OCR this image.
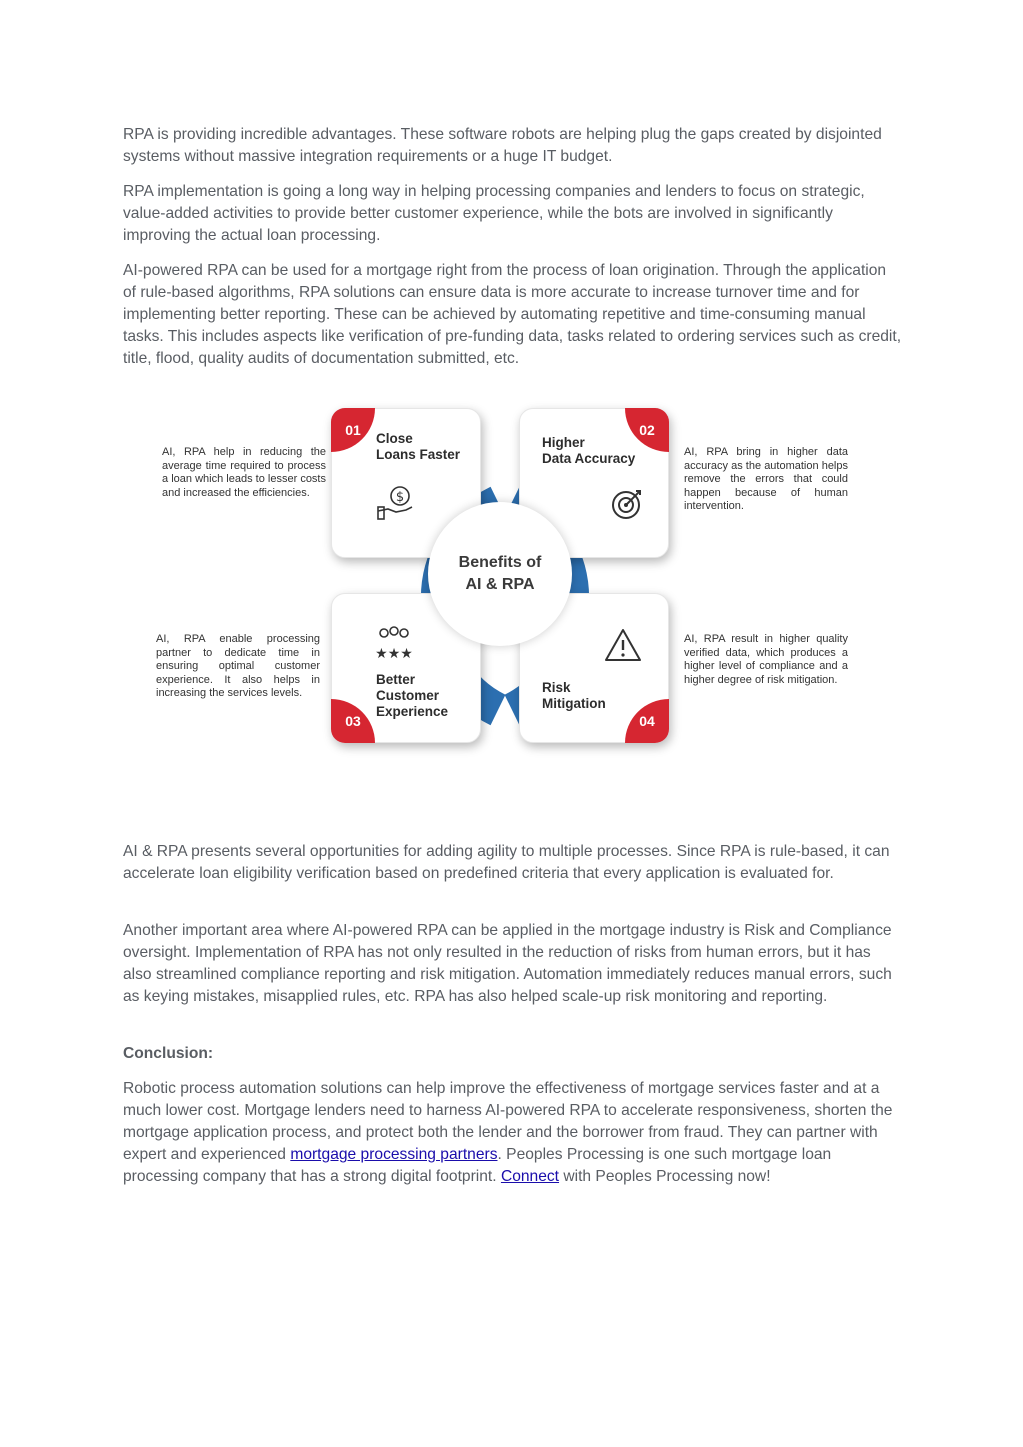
RPA is providing incredible advantages. These software robots are helping plug the gaps created by disjointed systems without massive integration requirements or a huge IT budget.

RPA implementation is going a long way in helping processing companies and lenders to focus on strategic, value-added activities to provide better customer experience, while the bots are involved in significantly improving the actual loan processing.

AI-powered RPA can be used for a mortgage right from the process of loan origination. Through the application of rule-based algorithms, RPA solutions can ensure data is more accurate to increase turnover time and for implementing better reporting. These can be achieved by automating repetitive and time-consuming manual tasks. This includes aspects like verification of pre-funding data, tasks related to ordering services such as credit, title, flood, quality audits of documentation submitted, etc.

01
Close
Loans Faster
$
02
Higher
Data Accuracy
03
★★★
Better
Customer
Experience
04
Risk
Mitigation
Benefits of
AI & RPA
AI, RPA help in reducing the average time required to process a loan which leads to lesser costs and increased the efficiencies.
AI, RPA bring in higher data accuracy as the automation helps remove the errors that could happen because of human intervention.
AI, RPA enable processing partner to dedicate time in ensuring optimal customer experience. It also helps in increasing the services levels.
AI, RPA result in higher quality verified data, which produces a higher level of compliance and a higher degree of risk mitigation.

AI & RPA presents several opportunities for adding agility to multiple processes. Since RPA is rule-based, it can accelerate loan eligibility verification based on predefined criteria that every application is evaluated for.

Another important area where AI-powered RPA can be applied in the mortgage industry is Risk and Compliance oversight. Implementation of RPA has not only resulted in the reduction of risks from human errors, but it has also streamlined compliance reporting and risk mitigation. Automation immediately reduces manual errors, such as keying mistakes, misapplied rules, etc. RPA has also helped scale-up risk monitoring and reporting.

Conclusion:

Robotic process automation solutions can help improve the effectiveness of mortgage services faster and at a much lower cost. Mortgage lenders need to harness AI-powered RPA to accelerate responsiveness, shorten the mortgage application process, and protect both the lender and the borrower from fraud. They can partner with expert and experienced mortgage processing partners. Peoples Processing is one such mortgage loan processing company that has a strong digital footprint. Connect with Peoples Processing now!
